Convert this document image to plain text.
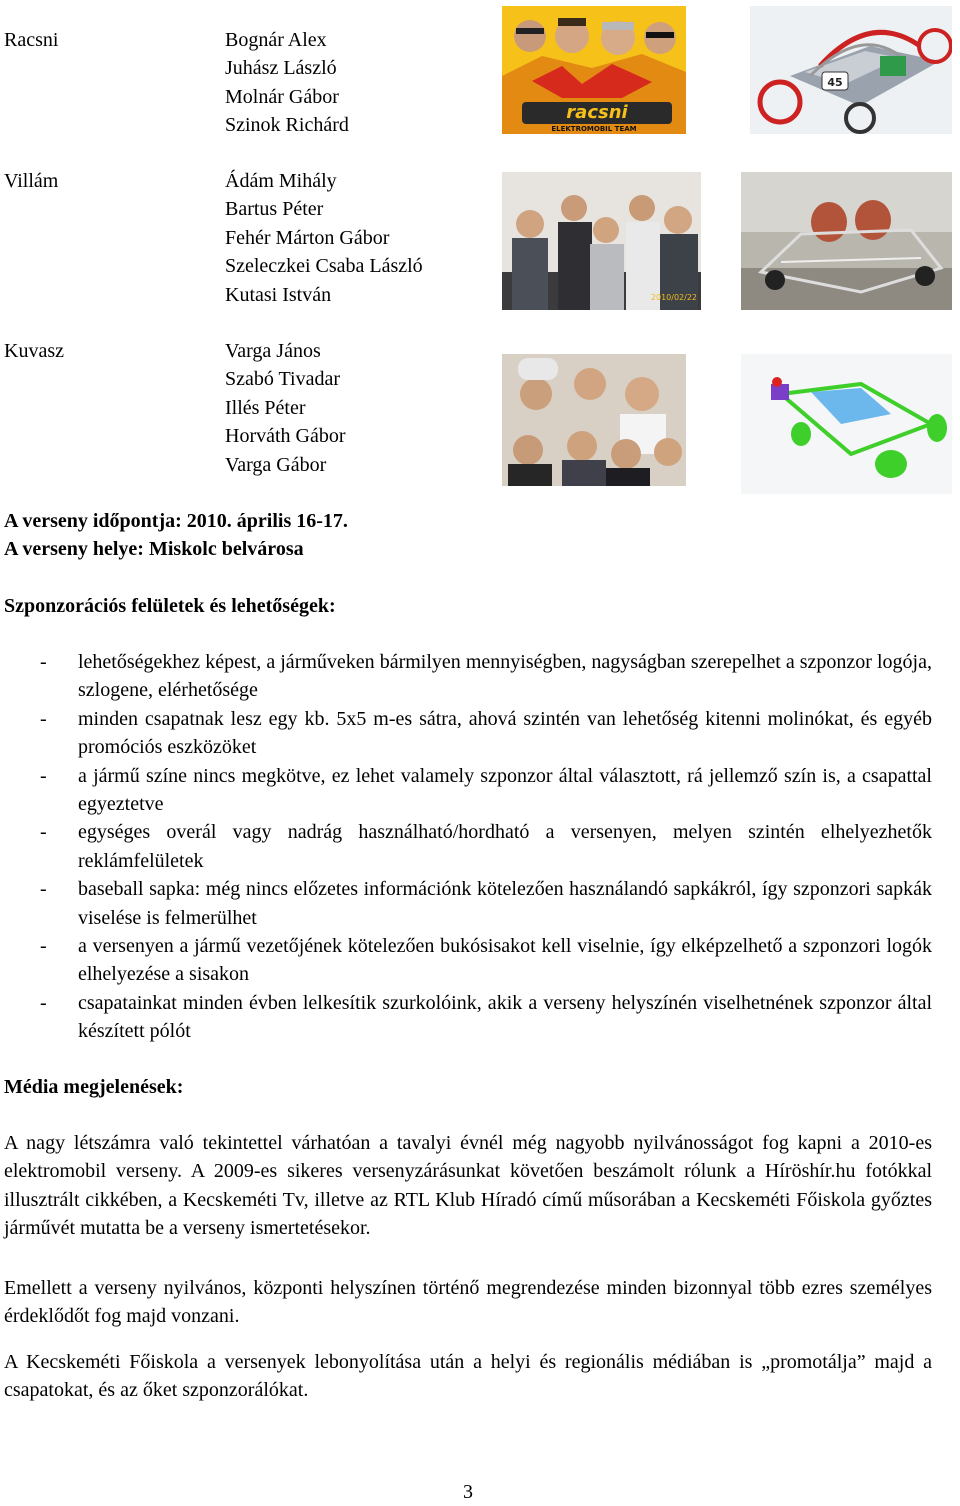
Racsni	Bognár Alex
Juhász László
Molnár Gábor
Szinok Richárd
Villám	Ádám Mihály
Bartus Péter
Fehér Márton Gábor
Szeleczkei Csaba László
Kutasi István
Kuvasz	Varga János
Szabó Tivadar
Illés Péter
Horváth Gábor
Varga Gábor
racsni
ELEKTROMOBIL TEAM
45
2010/02/22
A verseny időpontja: 2010. április 16-17.
A verseny helye: Miskolc belvárosa
Szponzorációs felületek és lehetőségek:
- lehetőségekhez képest, a járműveken bármilyen mennyiségben, nagyságban szerepelhet a szponzor logója, szlogene, elérhetősége
- minden csapatnak lesz egy kb. 5x5 m-es sátra, ahová szintén van lehetőség kitenni molinókat, és egyéb promóciós eszközöket
- a jármű színe nincs megkötve, ez lehet valamely szponzor által választott, rá jellemző szín is, a csapattal egyeztetve
- egységes overál vagy nadrág használható/hordható a versenyen, melyen szintén elhelyezhetők reklámfelületek
- baseball sapka: még nincs előzetes információnk kötelezően használandó sapkákról, így szponzori sapkák viselése is felmerülhet
- a versenyen a jármű vezetőjének kötelezően bukósisakot kell viselnie, így elképzelhető a szponzori logók elhelyezése a sisakon
- csapatainkat minden évben lelkesítik szurkolóink, akik a verseny helyszínén viselhetnének szponzor által készített pólót
Média megjelenések:
A nagy létszámra való tekintettel várhatóan a tavalyi évnél még nagyobb nyilvánosságot fog kapni a 2010-es elektromobil verseny. A 2009-es sikeres versenyzárásunkat követően beszámolt rólunk a Híröshír.hu fotókkal illusztrált cikkében, a Kecskeméti Tv, illetve az RTL Klub Híradó című műsorában a Kecskeméti Főiskola győztes járművét mutatta be a verseny ismertetésekor.
Emellett a verseny nyilvános, központi helyszínen történő megrendezése minden bizonnyal több ezres személyes érdeklődőt fog majd vonzani.
A Kecskeméti Főiskola a versenyek lebonyolítása után a helyi és regionális médiában is „promotálja” majd a csapatokat, és az őket szponzorálókat.
3
